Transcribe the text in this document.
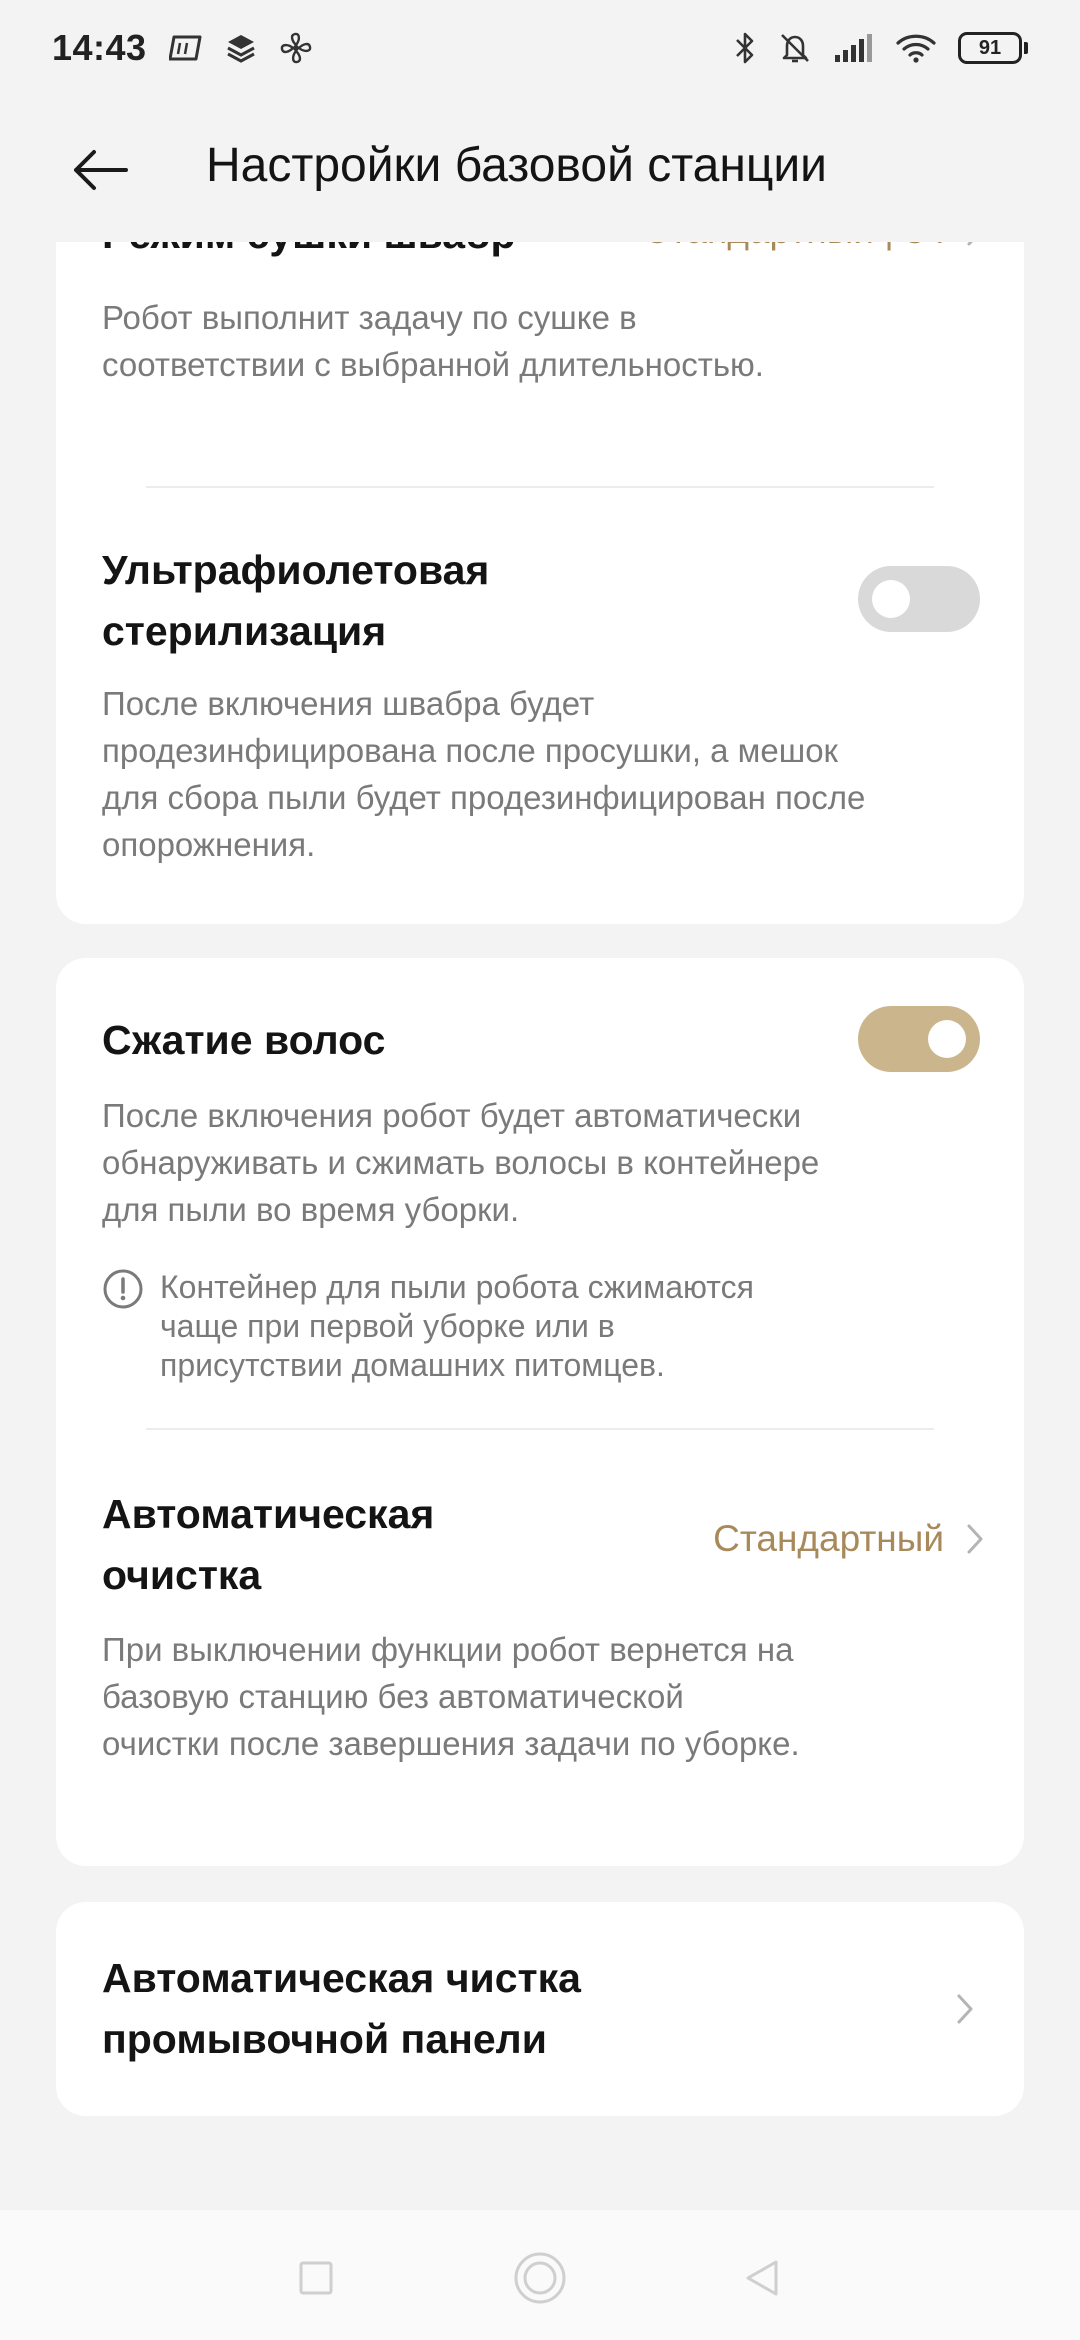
Робот выполнит задачу по сушке в соответствии с выбранной длительностью.
Ультрафиолетовая стерилизация
После включения швабра будет продезинфицирована после просушки, а мешок для сбора пыли будет продезинфицирован после опорожнения.
Сжатие волос
После включения робот будет автоматически обнаруживать и сжимать волосы в контейнере для пыли во время уборки.
Контейнер для пыли робота сжимаются чаще при первой уборке или в присутствии домашних питомцев.
Автоматическая очистка
Стандартный
При выключении функции робот вернется на базовую станцию без автоматической очистки после завершения задачи по уборке.
Автоматическая чистка промывочной панели
Настройки базовой станции
14:43	91
